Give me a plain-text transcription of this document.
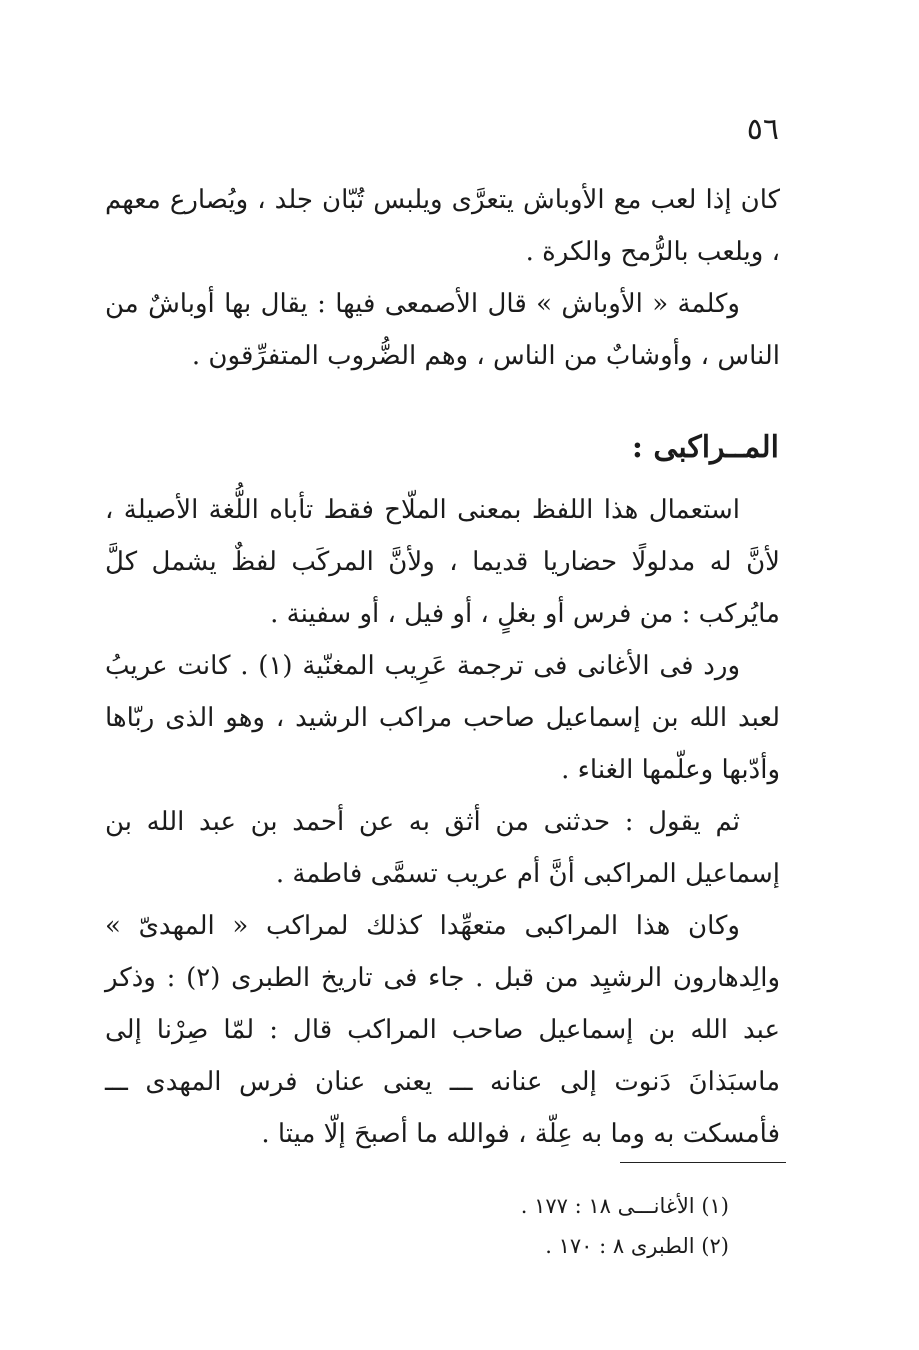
٥٦

كان إذا لعب مع الأوباش يتعرَّى ويلبس تُبّان جلد ، ويُصارع معهم ، ويلعب بالرُّمح والكرة .

وكلمة « الأوباش » قال الأصمعى فيها : يقال بها أوباشٌ من الناس ، وأوشابٌ من الناس ، وهم الضُّروب المتفرِّقون .

المــراكبى :

استعمال هذا اللفظ بمعنى الملّاح فقط تأباه اللُّغة الأصيلة ، لأنَّ له مدلولًا حضاريا قديما ، ولأنَّ المركَب لفظٌ يشمل كلَّ مايُركب : من فرس أو بغلٍ ، أو فيل ، أو سفينة .

ورد فى الأغانى فى ترجمة عَرِيب المغنّية (١) . كانت عريبُ لعبد الله بن إسماعيل صاحب مراكب الرشيد ، وهو الذى ربّاها وأدّبها وعلّمها الغناء .

ثم يقول : حدثنى من أثق به عن أحمد بن عبد الله بن إسماعيل المراكبى أنَّ أم عريب تسمَّى فاطمة .

وكان هذا المراكبى متعهِّدا كذلك لمراكب « المهدىّ » والِدهارون الرشيِد من قبل . جاء فى تاريخ الطبرى (٢) : وذكر عبد الله بن إسماعيل صاحب المراكب قال : لمّا صِرْنا إلى ماسبَذانَ دَنوت إلى عنانه ـــ يعنى عنان فرس المهدى ـــ فأمسكت به وما به عِلّة ، فوالله ما أصبحَ إلّا ميتا .

(١) الأغانـــى ١٨ : ١٧٧ .

(٢) الطبرى ٨ : ١٧٠ .
